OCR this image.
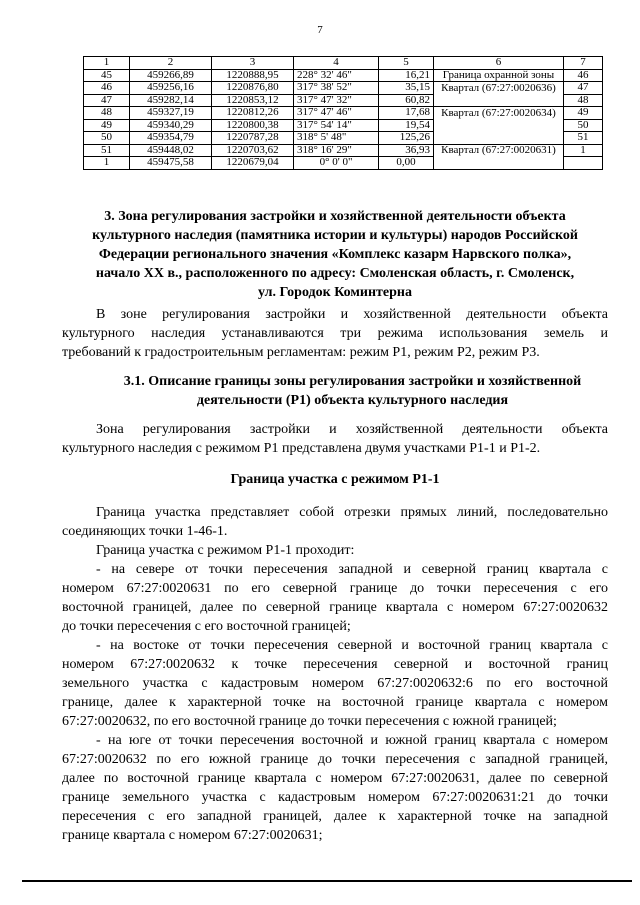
7
1	2	3	4	5	6	7
45	459266,89	1220888,95	228° 32' 46"	16,21	Граница охранной зоны	46
46	459256,16	1220876,80	317° 38' 52"	35,15	Квартал (67:27:0020636)	47
47	459282,14	1220853,12	317° 47' 32"	60,82		48
48	459327,19	1220812,26	317° 47' 46"	17,68	Квартал (67:27:0020634)	49
49	459340,29	1220800,38	317° 54' 14"	19,54		50
50	459354,79	1220787,28	318° 5' 48"	125,26		51
51	459448,02	1220703,62	318° 16' 29"	36,93	Квартал (67:27:0020631)	1
1	459475,58	1220679,04	0° 0' 0"	0,00		
3. Зона регулирования застройки и хозяйственной деятельности объекта
культурного наследия (памятника истории и культуры) народов Российской
Федерации регионального значения «Комплекс казарм Нарвского полка»,
начало ХХ в., расположенного по адресу: Смоленская область, г. Смоленск,
ул. Городок Коминтерна
В зоне регулирования застройки и хозяйственной деятельности объекта
культурного наследия устанавливаются три режима использования земель и
требований к градостроительным регламентам: режим Р1, режим Р2, режим Р3.
3.1. Описание границы зоны регулирования застройки и хозяйственной
деятельности (Р1) объекта культурного наследия
Зона регулирования застройки и хозяйственной деятельности объекта
культурного наследия с режимом Р1 представлена двумя участками Р1-1 и Р1-2.
Граница участка с режимом Р1-1
Граница участка представляет собой отрезки прямых линий, последовательно
соединяющих точки 1-46-1.
Граница участка с режимом Р1-1 проходит:
- на севере от точки пересечения западной и северной границ квартала с
номером 67:27:0020631 по его северной границе до точки пересечения с его
восточной границей, далее по северной границе квартала с номером 67:27:0020632
до точки пересечения с его восточной границей;
- на востоке от точки пересечения северной и восточной границ квартала с
номером 67:27:0020632 к точке пересечения северной и восточной границ
земельного участка с кадастровым номером 67:27:0020632:6 по его восточной
границе, далее к характерной точке на восточной границе квартала с номером
67:27:0020632, по его восточной границе до точки пересечения с южной границей;
- на юге от точки пересечения восточной и южной границ квартала с номером
67:27:0020632 по его южной границе до точки пересечения с западной границей,
далее по восточной границе квартала с номером 67:27:0020631, далее по северной
границе земельного участка с кадастровым номером 67:27:0020631:21 до точки
пересечения с его западной границей, далее к характерной точке на западной
границе квартала с номером 67:27:0020631;
